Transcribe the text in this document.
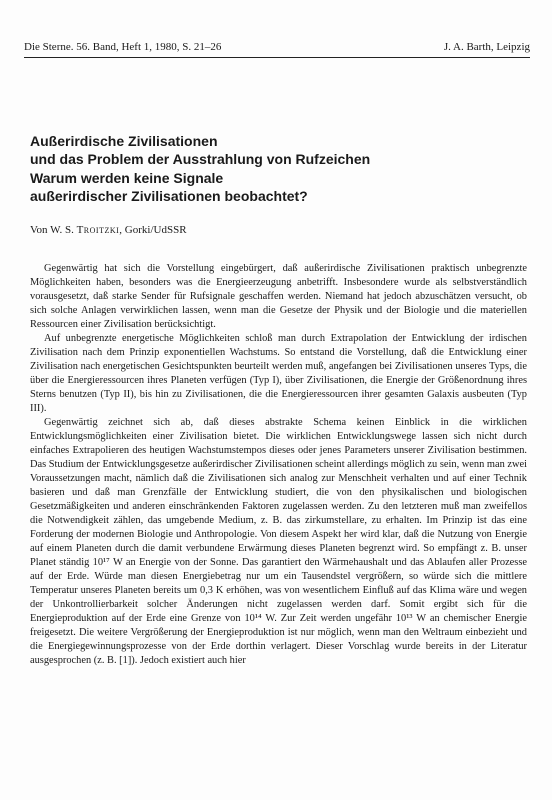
Die Sterne. 56. Band, Heft 1, 1980, S. 21–26	J. A. Barth, Leipzig
Außerirdische Zivilisationen
und das Problem der Ausstrahlung von Rufzeichen
Warum werden keine Signale
außerirdischer Zivilisationen beobachtet?
Von W. S. Troitzki, Gorki/UdSSR

Gegenwärtig hat sich die Vorstellung eingebürgert, daß außerirdische Zivilisationen praktisch unbegrenzte Möglichkeiten haben, besonders was die Energieerzeugung anbetrifft. Insbesondere wurde als selbstverständlich vorausgesetzt, daß starke Sender für Rufsignale geschaffen werden. Niemand hat jedoch abzuschätzen versucht, ob sich solche Anlagen verwirklichen lassen, wenn man die Gesetze der Physik und der Biologie und die materiellen Ressourcen einer Zivilisation berücksichtigt.

Auf unbegrenzte energetische Möglichkeiten schloß man durch Extrapolation der Entwicklung der irdischen Zivilisation nach dem Prinzip exponentiellen Wachstums. So entstand die Vorstellung, daß die Entwicklung einer Zivilisation nach energetischen Gesichtspunkten beurteilt werden muß, angefangen bei Zivilisationen unseres Typs, die über die Energieressourcen ihres Planeten verfügen (Typ I), über Zivilisationen, die Energie der Größenordnung ihres Sterns benutzen (Typ II), bis hin zu Zivilisationen, die die Energieressourcen ihrer gesamten Galaxis ausbeuten (Typ III).

Gegenwärtig zeichnet sich ab, daß dieses abstrakte Schema keinen Einblick in die wirklichen Entwicklungsmöglichkeiten einer Zivilisation bietet. Die wirklichen Entwicklungswege lassen sich nicht durch einfaches Extrapolieren des heutigen Wachstumstempos dieses oder jenes Parameters unserer Zivilisation bestimmen. Das Studium der Entwicklungsgesetze außerirdischer Zivilisationen scheint allerdings möglich zu sein, wenn man zwei Voraussetzungen macht, nämlich daß die Zivilisationen sich analog zur Menschheit verhalten und auf einer Technik basieren und daß man Grenzfälle der Entwicklung studiert, die von den physikalischen und biologischen Gesetzmäßigkeiten und anderen einschränkenden Faktoren zugelassen werden. Zu den letzteren muß man zweifellos die Notwendigkeit zählen, das umgebende Medium, z. B. das zirkumstellare, zu erhalten. Im Prinzip ist das eine Forderung der modernen Biologie und Anthropologie. Von diesem Aspekt her wird klar, daß die Nutzung von Energie auf einem Planeten durch die damit verbundene Erwärmung dieses Planeten begrenzt wird. So empfängt z. B. unser Planet ständig 10¹⁷ W an Energie von der Sonne. Das garantiert den Wärmehaushalt und das Ablaufen aller Prozesse auf der Erde. Würde man diesen Energiebetrag nur um ein Tausendstel vergrößern, so würde sich die mittlere Temperatur unseres Planeten bereits um 0,3 K erhöhen, was von wesentlichem Einfluß auf das Klima wäre und wegen der Unkontrollierbarkeit solcher Änderungen nicht zugelassen werden darf. Somit ergibt sich für die Energieproduktion auf der Erde eine Grenze von 10¹⁴ W. Zur Zeit werden ungefähr 10¹³ W an chemischer Energie freigesetzt. Die weitere Vergrößerung der Energieproduktion ist nur möglich, wenn man den Weltraum einbezieht und die Energiegewinnungsprozesse von der Erde dorthin verlagert. Dieser Vorschlag wurde bereits in der Literatur ausgesprochen (z. B. [1]). Jedoch existiert auch hier
